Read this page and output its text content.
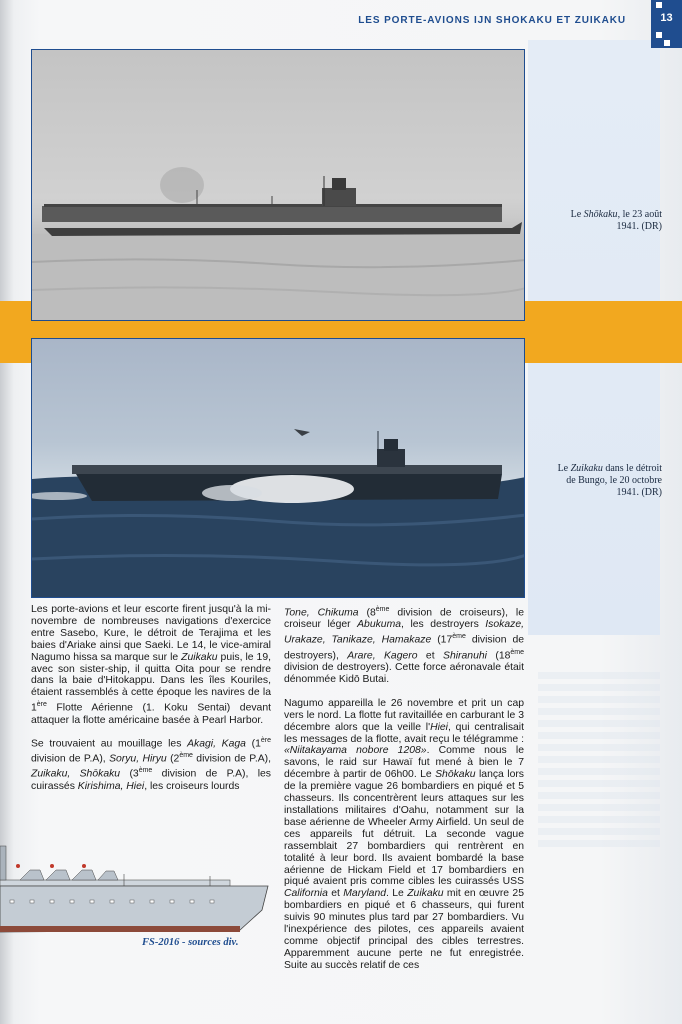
LES PORTE-AVIONS IJN SHOKAKU ET ZUIKAKU	13
Le Shōkaku, le 23 août
1941. (DR)
Le Zuikaku dans le détroit
de Bungo, le 20 octobre
1941. (DR)

Les porte-avions et leur escorte firent jusqu'à la mi-novembre de nombreuses navigations d'exercice entre Sasebo, Kure, le détroit de Terajima et les baies d'Ariake ainsi que Saeki. Le 14, le vice-amiral Nagumo hissa sa marque sur le Zuikaku puis, le 19, avec son sister-ship, il quitta Oita pour se rendre dans la baie d'Hitokappu. Dans les îles Kouriles, étaient rassemblés à cette époque les navires de la 1ère Flotte Aérienne (1. Koku Sentai) devant attaquer la flotte américaine basée à Pearl Harbor.

Se trouvaient au mouillage les Akagi, Kaga (1ère division de P.A), Soryu, Hiryu (2ème division de P.A), Zuikaku, Shōkaku (3ème division de P.A), les cuirassés Kirishima, Hiei, les croiseurs lourds

FS-2016 - sources div.

Tone, Chikuma (8ème division de croiseurs), le croiseur léger Abukuma, les destroyers Isokaze, Urakaze, Tanikaze, Hamakaze (17ème division de destroyers), Arare, Kagero et Shiranuhi (18ème division de destroyers). Cette force aéronavale était dénommée Kidō Butai.

Nagumo appareilla le 26 novembre et prit un cap vers le nord. La flotte fut ravitaillée en carburant le 3 décembre alors que la veille l'Hiei, qui centralisait les messages de la flotte, avait reçu le télégramme : «Niitakayama nobore 1208». Comme nous le savons, le raid sur Hawaï fut mené à bien le 7 décembre à partir de 06h00. Le Shōkaku lança lors de la première vague 26 bombardiers en piqué et 5 chasseurs. Ils concentrèrent leurs attaques sur les installations militaires d'Oahu, notamment sur la base aérienne de Wheeler Army Airfield. Un seul de ces appareils fut détruit. La seconde vague rassemblait 27 bombardiers qui rentrèrent en totalité à leur bord. Ils avaient bombardé la base aérienne de Hickam Field et 17 bombardiers en piqué avaient pris comme cibles les cuirassés USS California et Maryland. Le Zuikaku mit en œuvre 25 bombardiers en piqué et 6 chasseurs, qui furent suivis 90 minutes plus tard par 27 bombardiers. Vu l'inexpérience des pilotes, ces appareils avaient comme objectif principal des cibles terrestres. Apparemment aucune perte ne fut enregistrée. Suite au succès relatif de ces
